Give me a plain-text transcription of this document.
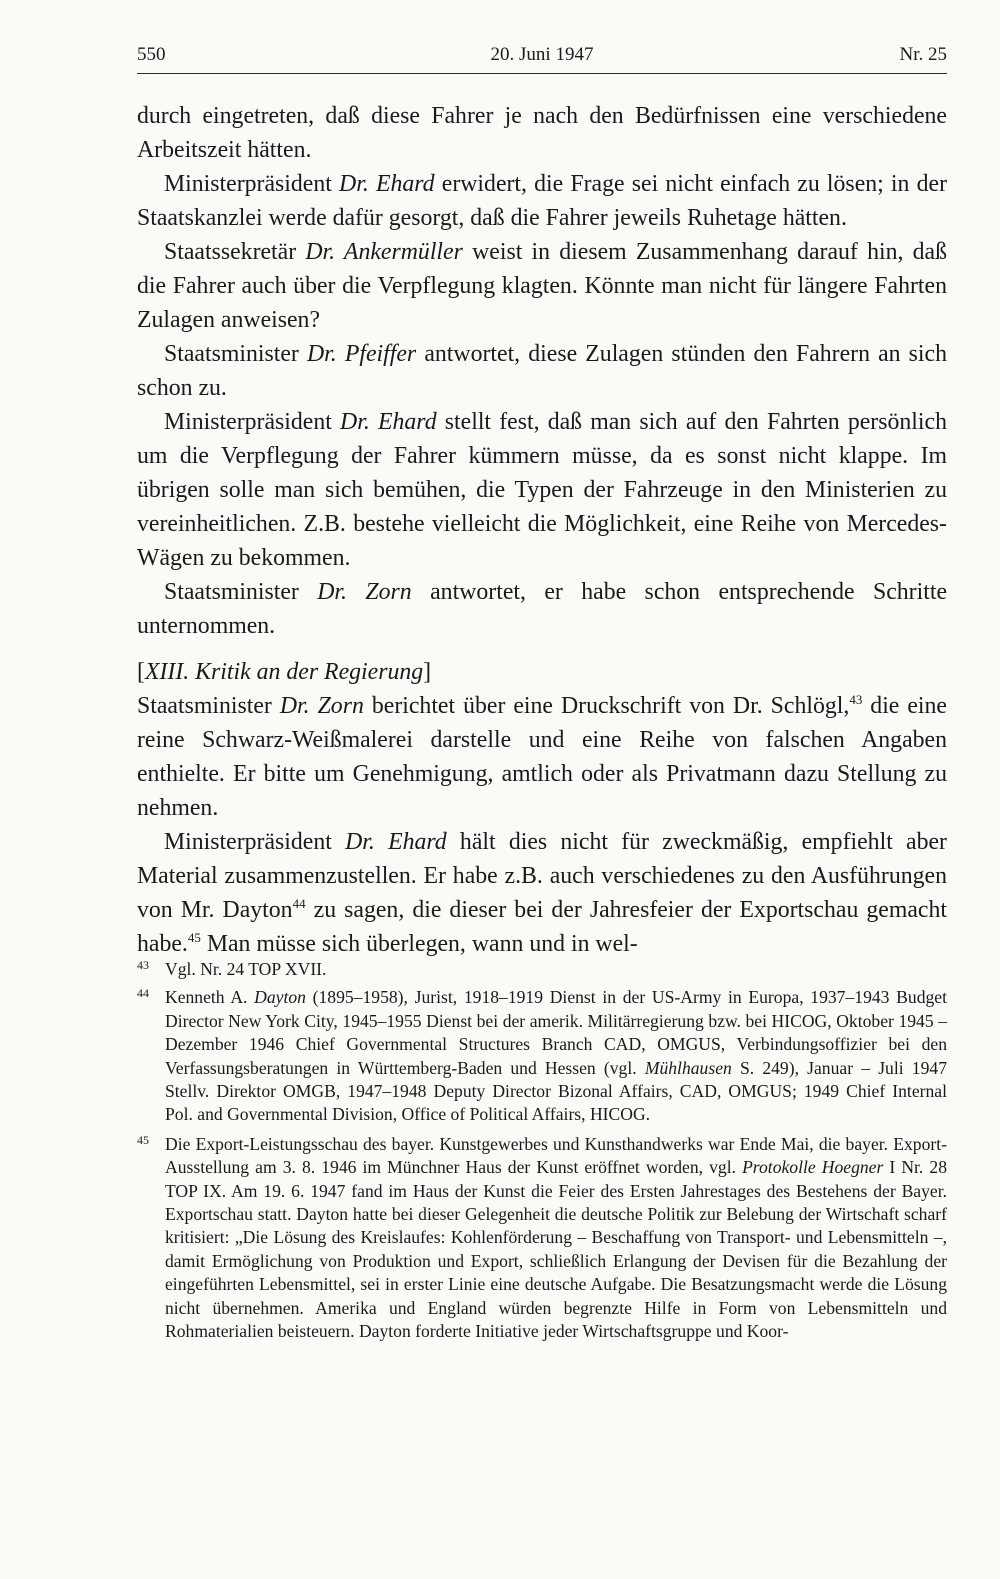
550	20. Juni 1947	Nr. 25

durch eingetreten, daß diese Fahrer je nach den Bedürfnissen eine verschiedene Arbeitszeit hätten.

Ministerpräsident Dr. Ehard erwidert, die Frage sei nicht einfach zu lösen; in der Staatskanzlei werde dafür gesorgt, daß die Fahrer jeweils Ruhetage hätten.

Staatssekretär Dr. Ankermüller weist in diesem Zusammenhang darauf hin, daß die Fahrer auch über die Verpflegung klagten. Könnte man nicht für längere Fahrten Zulagen anweisen?

Staatsminister Dr. Pfeiffer antwortet, diese Zulagen stünden den Fahrern an sich schon zu.

Ministerpräsident Dr. Ehard stellt fest, daß man sich auf den Fahrten persönlich um die Verpflegung der Fahrer kümmern müsse, da es sonst nicht klappe. Im übrigen solle man sich bemühen, die Typen der Fahrzeuge in den Ministerien zu vereinheitlichen. Z.B. bestehe vielleicht die Möglichkeit, eine Reihe von Mercedes-Wägen zu bekommen.

Staatsminister Dr. Zorn antwortet, er habe schon entsprechende Schritte unternommen.

[XIII. Kritik an der Regierung]

Staatsminister Dr. Zorn berichtet über eine Druckschrift von Dr. Schlögl,$^{43}$ die eine reine Schwarz-Weißmalerei darstelle und eine Reihe von falschen Angaben enthielte. Er bitte um Genehmigung, amtlich oder als Privatmann dazu Stellung zu nehmen.

Ministerpräsident Dr. Ehard hält dies nicht für zweckmäßig, empfiehlt aber Material zusammenzustellen. Er habe z.B. auch verschiedenes zu den Ausführungen von Mr. Dayton$^{44}$ zu sagen, die dieser bei der Jahresfeier der Exportschau gemacht habe.$^{45}$ Man müsse sich überlegen, wann und in wel-

43 Vgl. Nr. 24 TOP XVII.
44 Kenneth A. Dayton (1895–1958), Jurist, 1918–1919 Dienst in der US-Army in Europa, 1937–1943 Budget Director New York City, 1945–1955 Dienst bei der amerik. Militärregierung bzw. bei HICOG, Oktober 1945 – Dezember 1946 Chief Governmental Structures Branch CAD, OMGUS, Verbindungsoffizier bei den Verfassungsberatungen in Württemberg-Baden und Hessen (vgl. Mühlhausen S. 249), Januar – Juli 1947 Stellv. Direktor OMGB, 1947–1948 Deputy Director Bizonal Affairs, CAD, OMGUS; 1949 Chief Internal Pol. and Governmental Division, Office of Political Affairs, HICOG.
45 Die Export-Leistungsschau des bayer. Kunstgewerbes und Kunsthandwerks war Ende Mai, die bayer. Export-Ausstellung am 3. 8. 1946 im Münchner Haus der Kunst eröffnet worden, vgl. Protokolle Hoegner I Nr. 28 TOP IX. Am 19. 6. 1947 fand im Haus der Kunst die Feier des Ersten Jahrestages des Bestehens der Bayer. Exportschau statt. Dayton hatte bei dieser Gelegenheit die deutsche Politik zur Belebung der Wirtschaft scharf kritisiert: „Die Lösung des Kreislaufes: Kohlenförderung – Beschaffung von Transport- und Lebensmitteln –, damit Ermöglichung von Produktion und Export, schließlich Erlangung der Devisen für die Bezahlung der eingeführten Lebensmittel, sei in erster Linie eine deutsche Aufgabe. Die Besatzungsmacht werde die Lösung nicht übernehmen. Amerika und England würden begrenzte Hilfe in Form von Lebensmitteln und Rohmaterialien beisteuern. Dayton forderte Initiative jeder Wirtschaftsgruppe und Koor-
